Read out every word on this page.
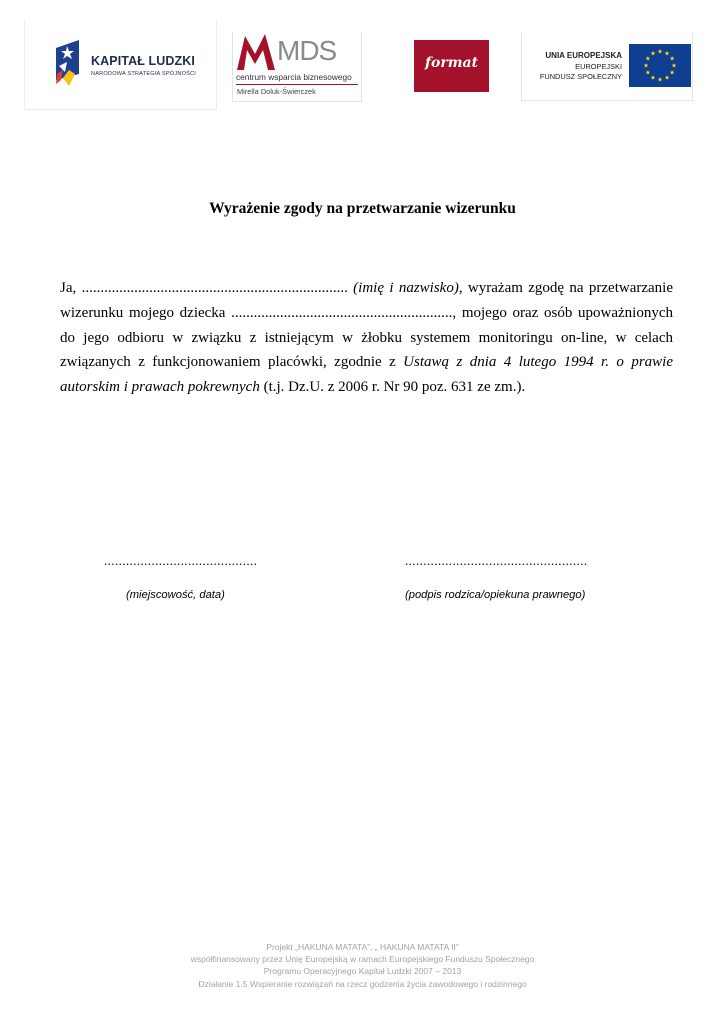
KAPITAŁ LUDZKI
NARODOWA STRATEGIA SPÓJNOŚCI
MDS
centrum wsparcia biznesowego
Mirella Doluk-Świerczek
format	UNIA EUROPEJSKA
EUROPEJSKI
FUNDUSZ SPOŁECZNY
Wyrażenie zgody na przetwarzanie wizerunku
Ja, ....................................................................... (imię i nazwisko), wyrażam zgodę na przetwarzanie wizerunku mojego dziecka ..........................................................., mojego oraz osób upoważnionych do jego odbioru w związku z istniejącym w żłobku systemem monitoringu on-line, w celach związanych z funkcjonowaniem placówki, zgodnie z Ustawą z dnia 4 lutego 1994 r. o prawie autorskim i prawach pokrewnych (t.j. Dz.U. z 2006 r. Nr 90 poz. 631 ze zm.).
..........................................
(miejscowość, data)
..................................................
(podpis rodzica/opiekuna prawnego)
Projekt „HAKUNA MATATA”, „ HAKUNA MATATA II”
współfinansowany przez Unię Europejską w ramach Europejskiego Funduszu Społecznego
Programu Operacyjnego Kapitał Ludzki 2007 – 2013
Działanie 1.5 Wspieranie rozwiązań na rzecz godzenia życia zawodowego i rodzinnego
